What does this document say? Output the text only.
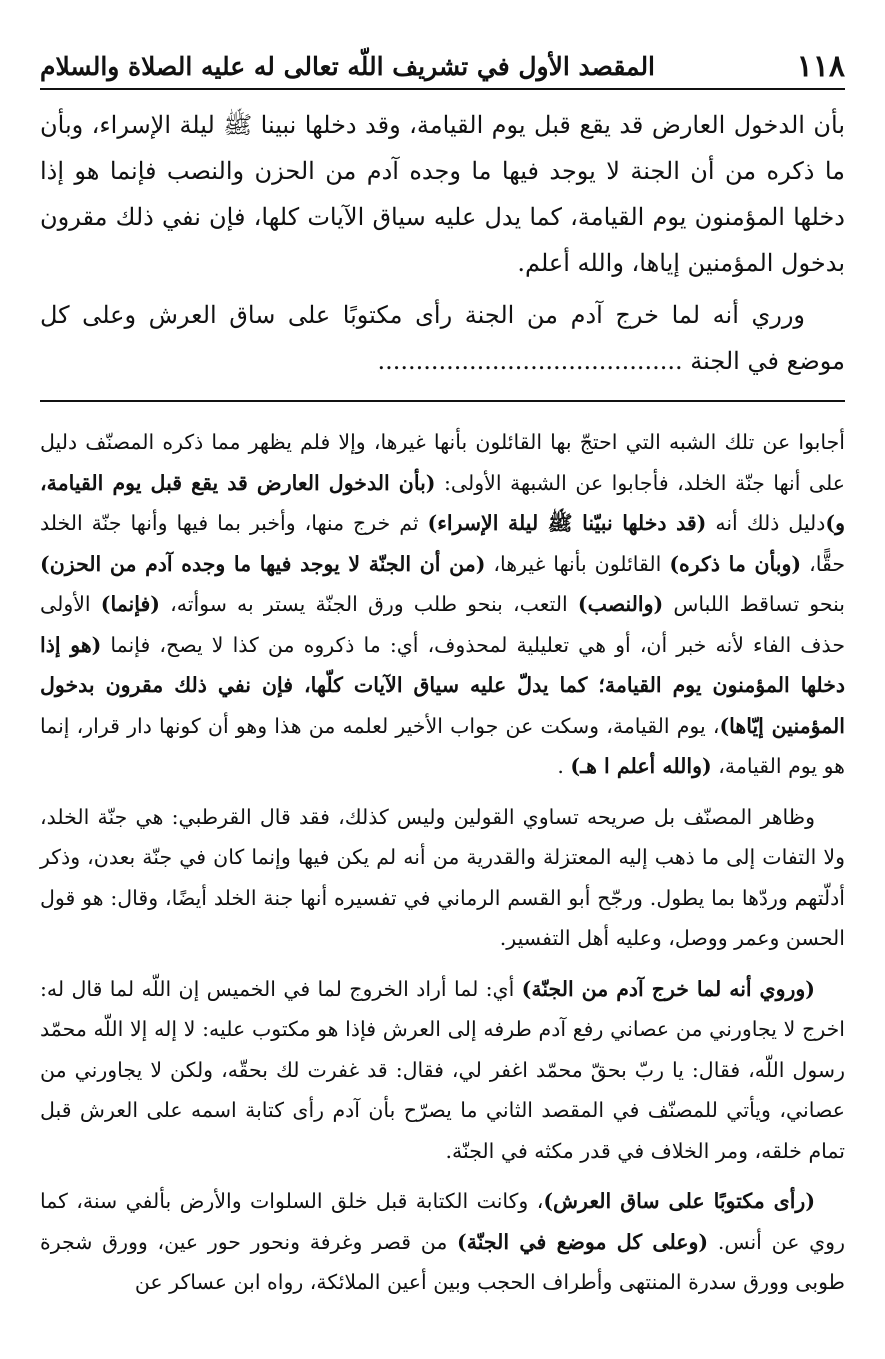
١١٨
المقصد الأول في تشريف اللّه تعالى له عليه الصلاة والسلام

بأن الدخول العارض قد يقع قبل يوم القيامة، وقد دخلها نبينا ﷺ ليلة الإسراء، وبأن ما ذكره من أن الجنة لا يوجد فيها ما وجده آدم من الحزن والنصب فإنما هو إذا دخلها المؤمنون يوم القيامة، كما يدل عليه سياق الآيات كلها، فإن نفي ذلك مقرون بدخول المؤمنين إياها، والله أعلم.

ورري أنه لما خرج آدم من الجنة رأى مكتوبًا على ساق العرش وعلى كل موضع في الجنة ........................................

أجابوا عن تلك الشبه التي احتجّ بها القائلون بأنها غيرها، وإلا فلم يظهر مما ذكره المصنّف دليل على أنها جنّة الخلد، فأجابوا عن الشبهة الأولى: (بأن الدخول العارض قد يقع قبل يوم القيامة، و)دليل ذلك أنه (قد دخلها نبيّنا ﷺ ليلة الإسراء) ثم خرج منها، وأخبر بما فيها وأنها جنّة الخلد حقًّا، (وبأن ما ذكره) القائلون بأنها غيرها، (من أن الجنّة لا يوجد فيها ما وجده آدم من الحزن) بنحو تساقط اللباس (والنصب) التعب، بنحو طلب ورق الجنّة يستر به سوأته، (فإنما) الأولى حذف الفاء لأنه خبر أن، أو هي تعليلية لمحذوف، أي: ما ذكروه من كذا لا يصح، فإنما (هو إذا دخلها المؤمنون يوم القيامة؛ كما يدلّ عليه سياق الآيات كلّها، فإن نفي ذلك مقرون بدخول المؤمنين إيّاها)، يوم القيامة، وسكت عن جواب الأخير لعلمه من هذا وهو أن كونها دار قرار، إنما هو يوم القيامة، (والله أعلم ا هـ) .

وظاهر المصنّف بل صريحه تساوي القولين وليس كذلك، فقد قال القرطبي: هي جنّة الخلد، ولا التفات إلى ما ذهب إليه المعتزلة والقدرية من أنه لم يكن فيها وإنما كان في جنّة بعدن، وذكر أدلّتهم وردّها بما يطول. ورجّح أبو القسم الرماني في تفسيره أنها جنة الخلد أيضًا، وقال: هو قول الحسن وعمر ووصل، وعليه أهل التفسير.

(وروي أنه لما خرج آدم من الجنّة) أي: لما أراد الخروج لما في الخميس إن اللّه لما قال له: اخرج لا يجاورني من عصاني رفع آدم طرفه إلى العرش فإذا هو مكتوب عليه: لا إله إلا اللّه محمّد رسول اللّه، فقال: يا ربّ بحقّ محمّد اغفر لي، فقال: قد غفرت لك بحقّه، ولكن لا يجاورني من عصاني، ويأتي للمصنّف في المقصد الثاني ما يصرّح بأن آدم رأى كتابة اسمه على العرش قبل تمام خلقه، ومر الخلاف في قدر مكثه في الجنّة.

(رأى مكتوبًا على ساق العرش)، وكانت الكتابة قبل خلق السلوات والأرض بألفي سنة، كما روي عن أنس. (وعلى كل موضع في الجنّة) من قصر وغرفة ونحور حور عين، وورق شجرة طوبى وورق سدرة المنتهى وأطراف الحجب وبين أعين الملائكة، رواه ابن عساكر عن
